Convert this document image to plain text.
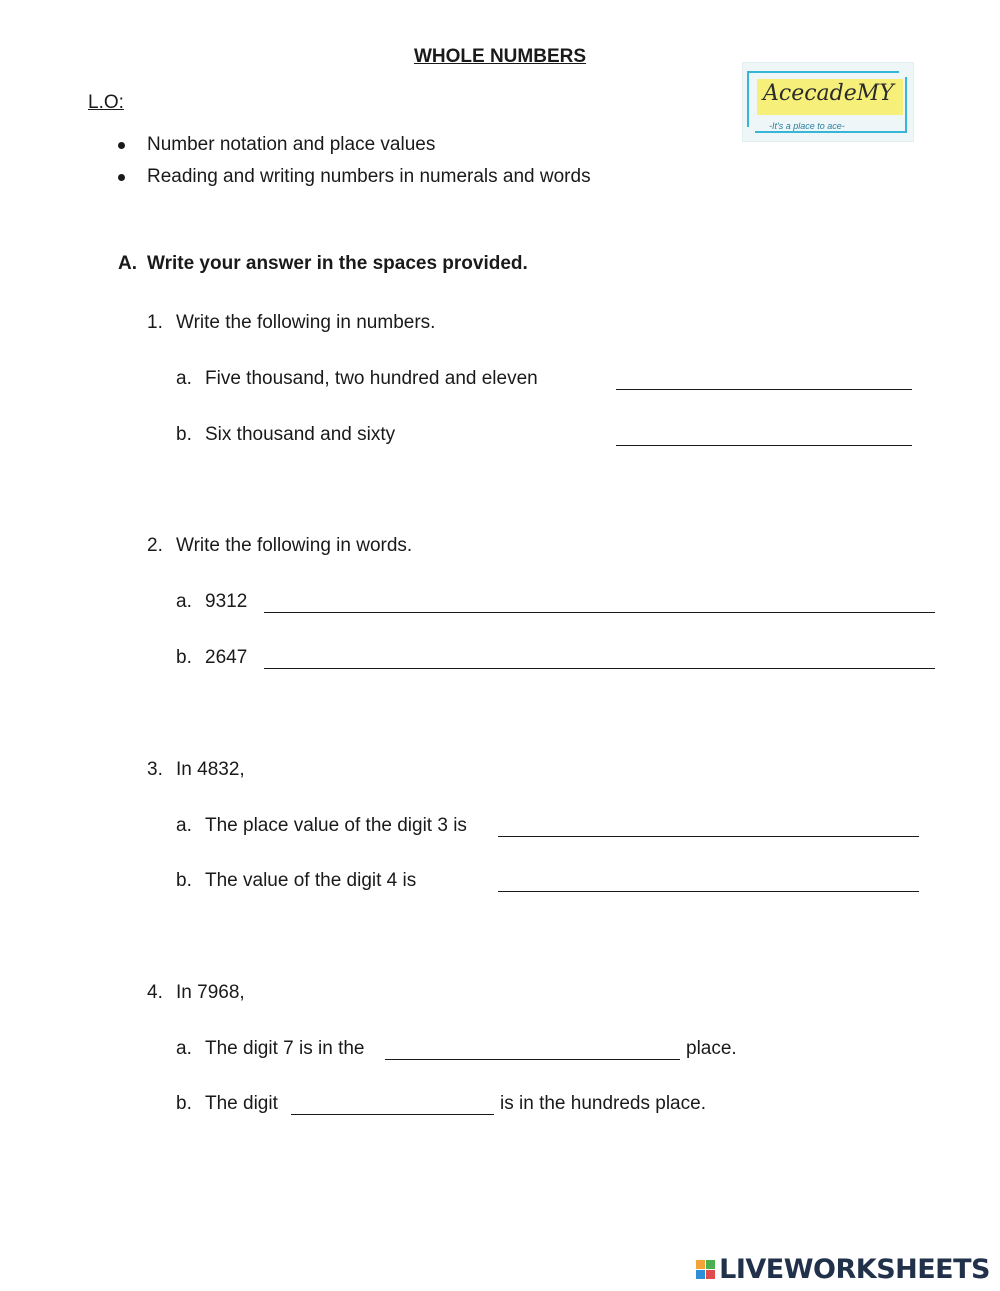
WHOLE NUMBERS
L.O:	AcecadeMY
-It's a place to ace-
Number notation and place values
Reading and writing numbers in numerals and words
A. Write your answer in the spaces provided.
1. Write the following in numbers.
a. Five thousand, two hundred and eleven
b. Six thousand and sixty
2. Write the following in words.
a. 9312
b. 2647
3. In 4832,
a. The place value of the digit 3 is
b. The value of the digit 4 is
4. In 7968,
a. The digit 7 is in the	place.
b. The digit	is in the hundreds place.
LIVEWORKSHEETS
